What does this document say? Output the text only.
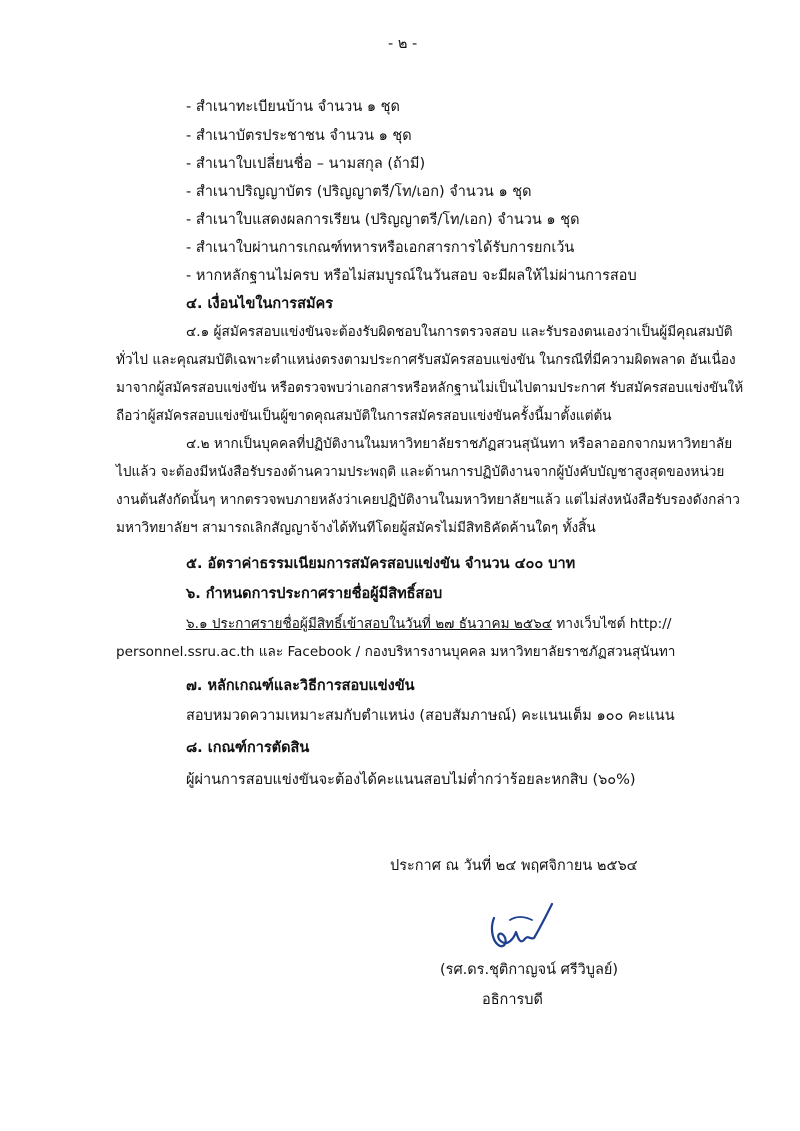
- ๒ -
- สำเนาทะเบียนบ้าน จำนวน ๑ ชุด
- สำเนาบัตรประชาชน จำนวน ๑ ชุด
- สำเนาใบเปลี่ยนชื่อ – นามสกุล (ถ้ามี)
- สำเนาปริญญาบัตร (ปริญญาตรี/โท/เอก) จำนวน ๑ ชุด
- สำเนาใบแสดงผลการเรียน (ปริญญาตรี/โท/เอก) จำนวน ๑ ชุด
- สำเนาใบผ่านการเกณฑ์ทหารหรือเอกสารการได้รับการยกเว้น
- หากหลักฐานไม่ครบ หรือไม่สมบูรณ์ในวันสอบ จะมีผลให้ไม่ผ่านการสอบ
๔. เงื่อนไขในการสมัคร
๔.๑ ผู้สมัครสอบแข่งขันจะต้องรับผิดชอบในการตรวจสอบ และรับรองตนเองว่าเป็นผู้มีคุณสมบัติ
ทั่วไป และคุณสมบัติเฉพาะตำแหน่งตรงตามประกาศรับสมัครสอบแข่งขัน ในกรณีที่มีความผิดพลาด อันเนื่อง
มาจากผู้สมัครสอบแข่งขัน หรือตรวจพบว่าเอกสารหรือหลักฐานไม่เป็นไปตามประกาศ รับสมัครสอบแข่งขันให้
ถือว่าผู้สมัครสอบแข่งขันเป็นผู้ขาดคุณสมบัติในการสมัครสอบแข่งขันครั้งนี้มาตั้งแต่ต้น
๔.๒ หากเป็นบุคคลที่ปฏิบัติงานในมหาวิทยาลัยราชภัฏสวนสุนันทา หรือลาออกจากมหาวิทยาลัย
ไปแล้ว จะต้องมีหนังสือรับรองด้านความประพฤติ และด้านการปฏิบัติงานจากผู้บังคับบัญชาสูงสุดของหน่วย
งานต้นสังกัดนั้นๆ หากตรวจพบภายหลังว่าเคยปฏิบัติงานในมหาวิทยาลัยฯแล้ว แต่ไม่ส่งหนังสือรับรองดังกล่าว
มหาวิทยาลัยฯ สามารถเลิกสัญญาจ้างได้ทันทีโดยผู้สมัครไม่มีสิทธิคัดค้านใดๆ ทั้งสิ้น
๕. อัตราค่าธรรมเนียมการสมัครสอบแข่งขัน จำนวน ๔๐๐ บาท
๖. กำหนดการประกาศรายชื่อผู้มีสิทธิ์สอบ
๖.๑ ประกาศรายชื่อผู้มีสิทธิ์เข้าสอบในวันที่ ๒๗ ธันวาคม ๒๕๖๔ ทางเว็บไซต์ http://
personnel.ssru.ac.th และ Facebook / กองบริหารงานบุคคล มหาวิทยาลัยราชภัฏสวนสุนันทา
๗. หลักเกณฑ์และวิธีการสอบแข่งขัน
สอบหมวดความเหมาะสมกับตำแหน่ง (สอบสัมภาษณ์) คะแนนเต็ม ๑๐๐ คะแนน
๘. เกณฑ์การตัดสิน
ผู้ผ่านการสอบแข่งขันจะต้องได้คะแนนสอบไม่ต่ำกว่าร้อยละหกสิบ (๖๐%)
ประกาศ ณ วันที่ ๒๔ พฤศจิกายน ๒๕๖๔
(รศ.ดร.ชุติกาญจน์ ศรีวิบูลย์)
อธิการบดี
